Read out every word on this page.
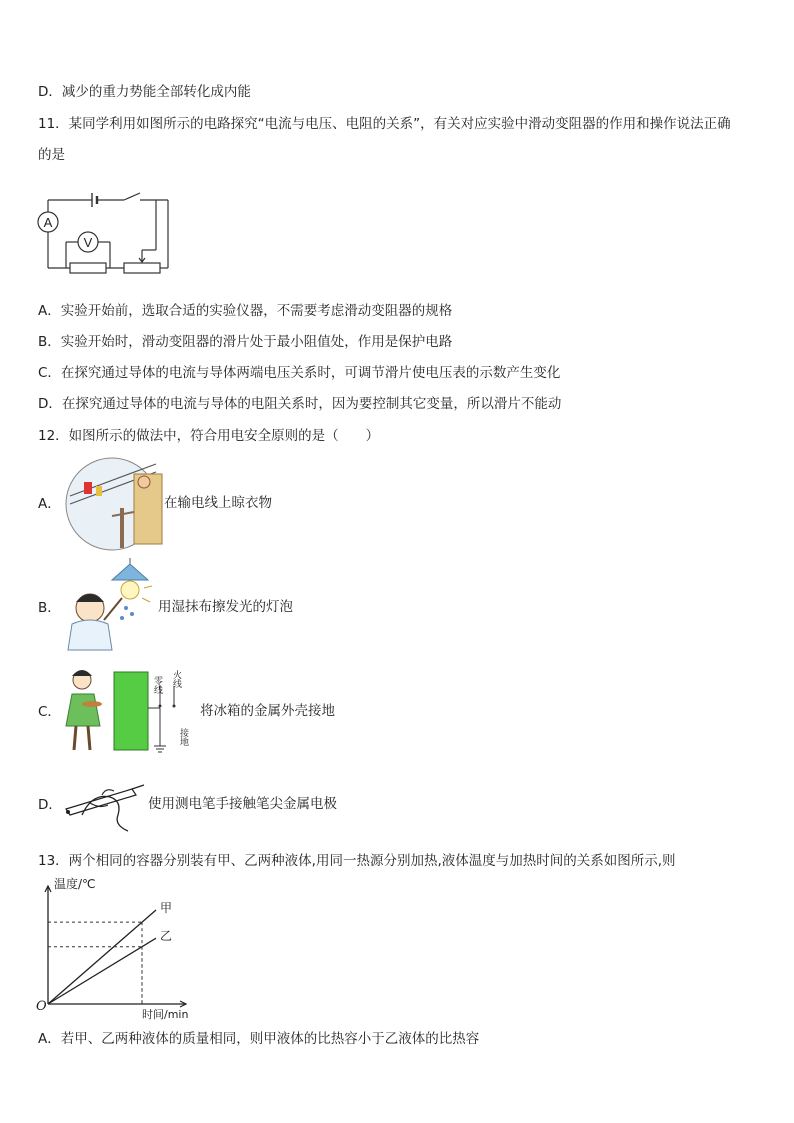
D．减少的重力势能全部转化成内能
11．某同学利用如图所示的电路探究“电流与电压、电阻的关系”，有关对应实验中滑动变阻器的作用和操作说法正确
的是
A
V
A．实验开始前，选取合适的实验仪器，不需要考虑滑动变阻器的规格
B．实验开始时，滑动变阻器的滑片处于最小阻值处，作用是保护电路
C．在探究通过导体的电流与导体两端电压关系时，可调节滑片使电压表的示数产生变化
D．在探究通过导体的电流与导体的电阻关系时，因为要控制其它变量，所以滑片不能动
12．如图所示的做法中，符合用电安全原则的是（　　）
A．	在输电线上晾衣物
B．	用湿抹布擦发光的灯泡
C．
零线 火线
接地
将冰箱的金属外壳接地
D．	使用测电笔手接触笔尖金属电极
13．两个相同的容器分别装有甲、乙两种液体,用同一热源分别加热,液体温度与加热时间的关系如图所示,则
甲
乙
温度/℃
时间/min
O
A．若甲、乙两种液体的质量相同，则甲液体的比热容小于乙液体的比热容
